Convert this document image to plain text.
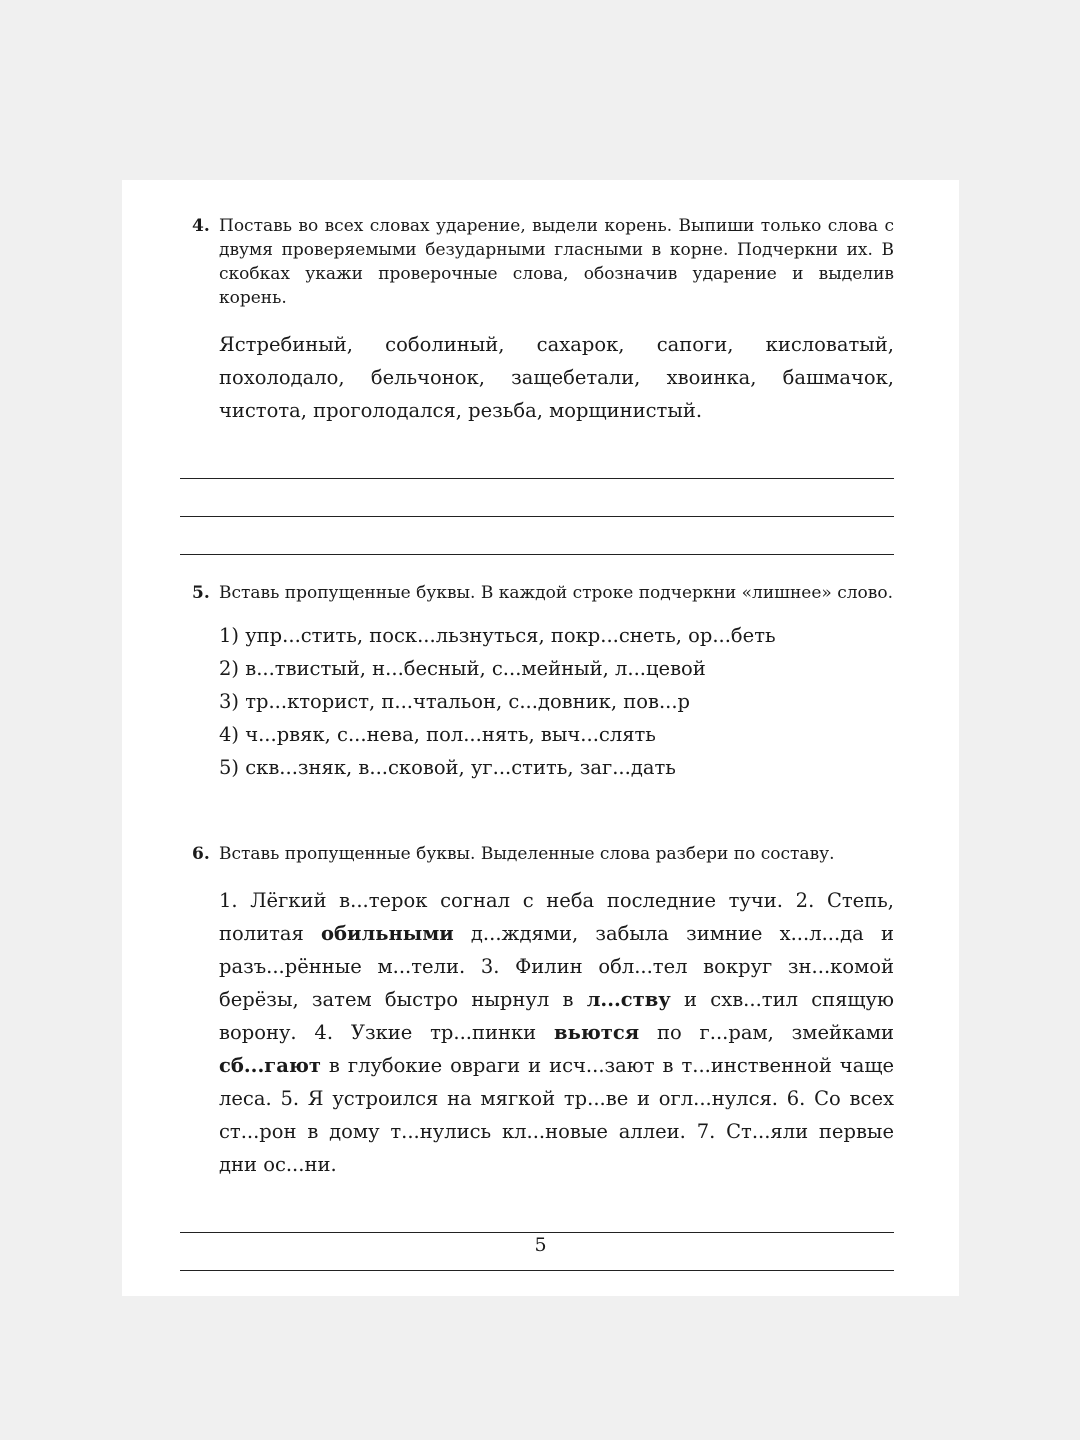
4. Поставь во всех словах ударение, выдели корень. Выпиши только слова с двумя проверяемыми безударными гласными в корне. Подчеркни их. В скобках укажи проверочные слова, обозначив ударение и выделив корень.
Ястребиный, соболиный, сахарок, сапоги, кисловатый, похолодало, бельчонок, защебетали, хвоинка, башмачок, чистота, проголодался, резьба, морщинистый.
5. Вставь пропущенные буквы. В каждой строке подчеркни «лишнее» слово.
1) упр...стить, поск...льзнуться, покр...снеть, ор...беть
2) в...твистый, н...бесный, с...мейный, л...цевой
3) тр...кторист, п...чтальон, с...довник, пов...р
4) ч...рвяк, с...нева, пол...нять, выч...слять
5) скв...зняк, в...сковой, уг...стить, заг...дать
6. Вставь пропущенные буквы. Выделенные слова разбери по составу.
1. Лёгкий в...терок согнал с неба последние тучи. 2. Степь, политая обильными д...ждями, забыла зимние х...л...да и разъ...рённые м...тели. 3. Филин обл...тел вокруг зн...комой берёзы, затем быстро нырнул в л...ству и схв...тил спящую ворону. 4. Узкие тр...пинки вьются по г...рам, змейками сб...гают в глубокие овраги и исч...зают в т...инственной чаще леса. 5. Я устроился на мягкой тр...ве и огл...нулся. 6. Со всех ст...рон в дому т...нулись кл...новые аллеи. 7. Ст...яли первые дни ос...ни.
5
